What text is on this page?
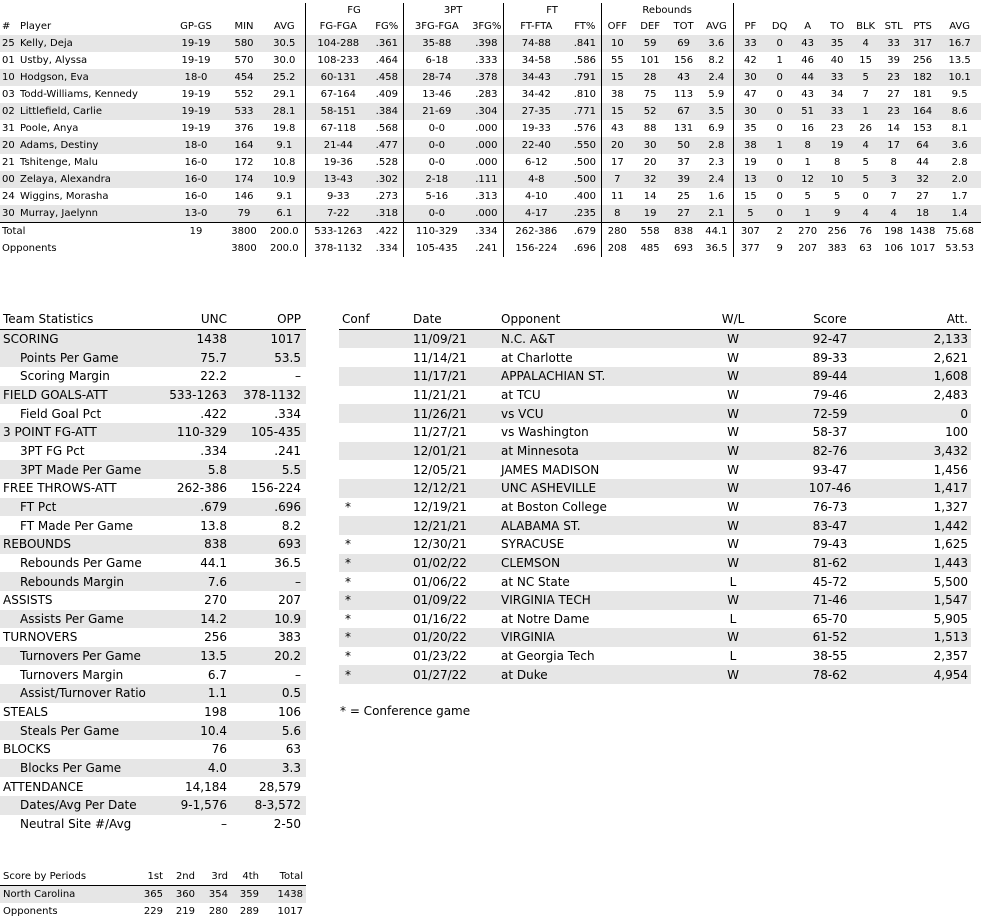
					FG		3PT		FT		Rebounds											
#	Player	GP-GS	MIN	AVG	FG-FGA	FG%	3FG-FGA	3FG%	FT-FTA	FT%	OFF	DEF	TOT	AVG	PF	DQ	A	TO	BLK	STL	PTS	AVG
25	Kelly, Deja	19-19	580	30.5	104-288	.361	35-88	.398	74-88	.841	10	59	69	3.6	33	0	43	35	4	33	317	16.7
01	Ustby, Alyssa	19-19	570	30.0	108-233	.464	6-18	.333	34-58	.586	55	101	156	8.2	42	1	46	40	15	39	256	13.5
10	Hodgson, Eva	18-0	454	25.2	60-131	.458	28-74	.378	34-43	.791	15	28	43	2.4	30	0	44	33	5	23	182	10.1
03	Todd-Williams, Kennedy	19-19	552	29.1	67-164	.409	13-46	.283	34-42	.810	38	75	113	5.9	47	0	43	34	7	27	181	9.5
02	Littlefield, Carlie	19-19	533	28.1	58-151	.384	21-69	.304	27-35	.771	15	52	67	3.5	30	0	51	33	1	23	164	8.6
31	Poole, Anya	19-19	376	19.8	67-118	.568	0-0	.000	19-33	.576	43	88	131	6.9	35	0	16	23	26	14	153	8.1
20	Adams, Destiny	18-0	164	9.1	21-44	.477	0-0	.000	22-40	.550	20	30	50	2.8	38	1	8	19	4	17	64	3.6
21	Tshitenge, Malu	16-0	172	10.8	19-36	.528	0-0	.000	6-12	.500	17	20	37	2.3	19	0	1	8	5	8	44	2.8
00	Zelaya, Alexandra	16-0	174	10.9	13-43	.302	2-18	.111	4-8	.500	7	32	39	2.4	13	0	12	10	5	3	32	2.0
24	Wiggins, Morasha	16-0	146	9.1	9-33	.273	5-16	.313	4-10	.400	11	14	25	1.6	15	0	5	5	0	7	27	1.7
30	Murray, Jaelynn	13-0	79	6.1	7-22	.318	0-0	.000	4-17	.235	8	19	27	2.1	5	0	1	9	4	4	18	1.4
Total		19	3800	200.0	533-1263	.422	110-329	.334	262-386	.679	280	558	838	44.1	307	2	270	256	76	198	1438	75.68
Opponents			3800	200.0	378-1132	.334	105-435	.241	156-224	.696	208	485	693	36.5	377	9	207	383	63	106	1017	53.53
Team Statistics	UNC	OPP
SCORING	1438	1017
Points Per Game	75.7	53.5
Scoring Margin	22.2	–
FIELD GOALS-ATT	533-1263	378-1132
Field Goal Pct	.422	.334
3 POINT FG-ATT	110-329	105-435
3PT FG Pct	.334	.241
3PT Made Per Game	5.8	5.5
FREE THROWS-ATT	262-386	156-224
FT Pct	.679	.696
FT Made Per Game	13.8	8.2
REBOUNDS	838	693
Rebounds Per Game	44.1	36.5
Rebounds Margin	7.6	–
ASSISTS	270	207
Assists Per Game	14.2	10.9
TURNOVERS	256	383
Turnovers Per Game	13.5	20.2
Turnovers Margin	6.7	–
Assist/Turnover Ratio	1.1	0.5
STEALS	198	106
Steals Per Game	10.4	5.6
BLOCKS	76	63
Blocks Per Game	4.0	3.3
ATTENDANCE	14,184	28,579
Dates/Avg Per Date	9-1,576	8-3,572
Neutral Site #/Avg	–	2-50
Conf	Date	Opponent	W/L	Score	Att.
	11/09/21	N.C. A&T	W	92-47	2,133
	11/14/21	at Charlotte	W	89-33	2,621
	11/17/21	APPALACHIAN ST.	W	89-44	1,608
	11/21/21	at TCU	W	79-46	2,483
	11/26/21	vs VCU	W	72-59	0
	11/27/21	vs Washington	W	58-37	100
	12/01/21	at Minnesota	W	82-76	3,432
	12/05/21	JAMES MADISON	W	93-47	1,456
	12/12/21	UNC ASHEVILLE	W	107-46	1,417
*	12/19/21	at Boston College	W	76-73	1,327
	12/21/21	ALABAMA ST.	W	83-47	1,442
*	12/30/21	SYRACUSE	W	79-43	1,625
*	01/02/22	CLEMSON	W	81-62	1,443
*	01/06/22	at NC State	L	45-72	5,500
*	01/09/22	VIRGINIA TECH	W	71-46	1,547
*	01/16/22	at Notre Dame	L	65-70	5,905
*	01/20/22	VIRGINIA	W	61-52	1,513
*	01/23/22	at Georgia Tech	L	38-55	2,357
*	01/27/22	at Duke	W	78-62	4,954
* = Conference game
Score by Periods	1st	2nd	3rd	4th	Total
North Carolina	365	360	354	359	1438
Opponents	229	219	280	289	1017
